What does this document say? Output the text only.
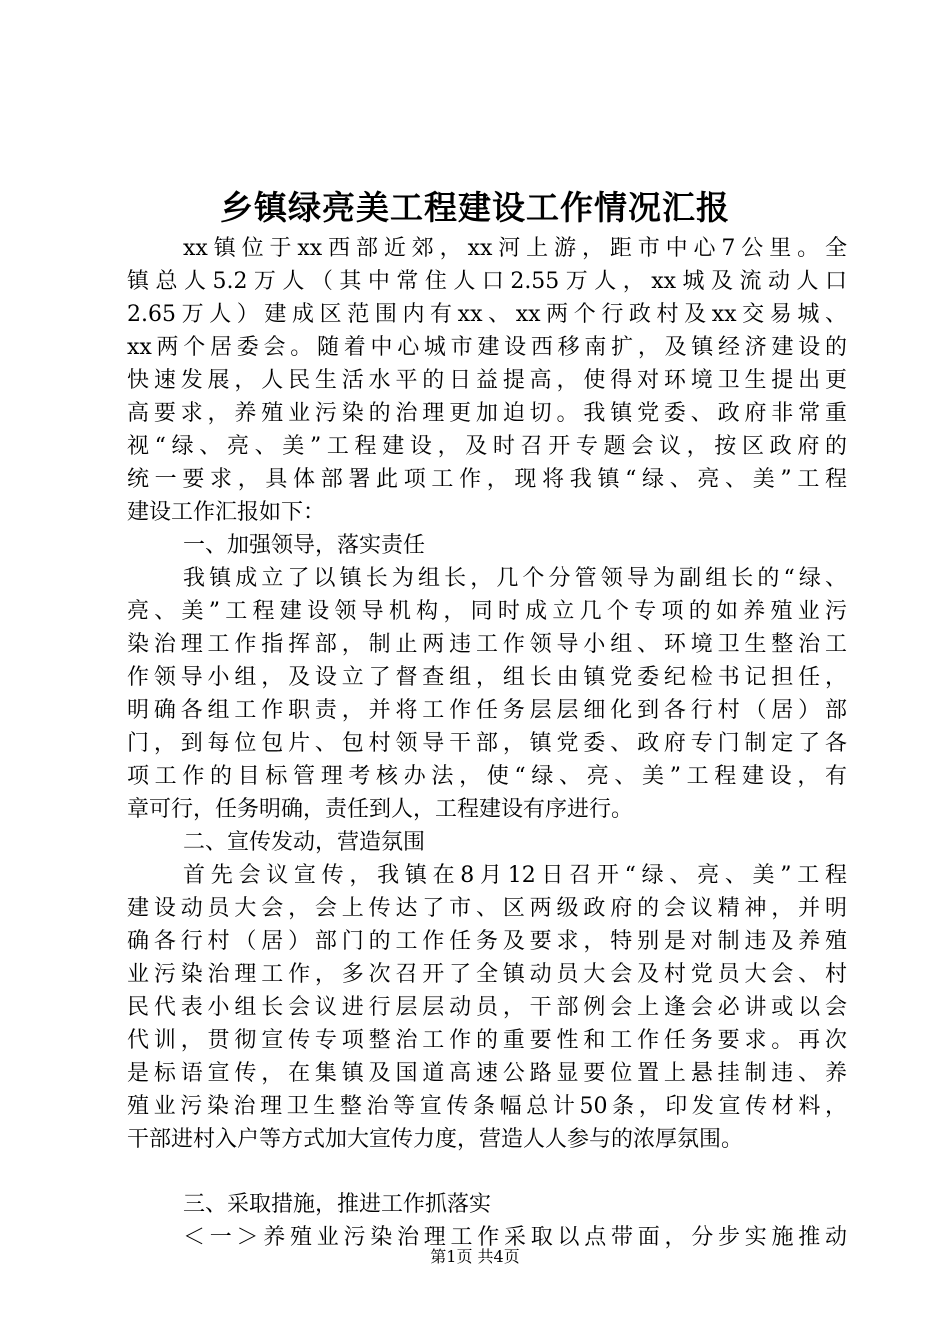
乡镇绿亮美工程建设工作情况汇报
xx镇位于xx西部近郊，xx河上游，距市中心7公里。全
镇总人5.2万人（其中常住人口2.55万人，xx城及流动人口
2.65万人）建成区范围内有xx、xx两个行政村及xx交易城、
xx两个居委会。随着中心城市建设西移南扩，及镇经济建设的
快速发展，人民生活水平的日益提高，使得对环境卫生提出更
高要求，养殖业污染的治理更加迫切。我镇党委、政府非常重
视“绿、亮、美”工程建设，及时召开专题会议，按区政府的
统一要求，具体部署此项工作，现将我镇“绿、亮、美”工程
建设工作汇报如下：
一、加强领导，落实责任
我镇成立了以镇长为组长，几个分管领导为副组长的“绿、
亮、美”工程建设领导机构，同时成立几个专项的如养殖业污
染治理工作指挥部，制止两违工作领导小组、环境卫生整治工
作领导小组，及设立了督查组，组长由镇党委纪检书记担任，
明确各组工作职责，并将工作任务层层细化到各行村（居）部
门，到每位包片、包村领导干部，镇党委、政府专门制定了各
项工作的目标管理考核办法，使“绿、亮、美”工程建设，有
章可行，任务明确，责任到人，工程建设有序进行。
二、宣传发动，营造氛围
首先会议宣传，我镇在8月12日召开“绿、亮、美”工程
建设动员大会，会上传达了市、区两级政府的会议精神，并明
确各行村（居）部门的工作任务及要求，特别是对制违及养殖
业污染治理工作，多次召开了全镇动员大会及村党员大会、村
民代表小组长会议进行层层动员，干部例会上逢会必讲或以会
代训，贯彻宣传专项整治工作的重要性和工作任务要求。再次
是标语宣传，在集镇及国道高速公路显要位置上悬挂制违、养
殖业污染治理卫生整治等宣传条幅总计50条，印发宣传材料，
干部进村入户等方式加大宣传力度，营造人人参与的浓厚氛围。
三、采取措施，推进工作抓落实
＜一＞养殖业污染治理工作采取以点带面，分步实施推动
第1页 共4页
